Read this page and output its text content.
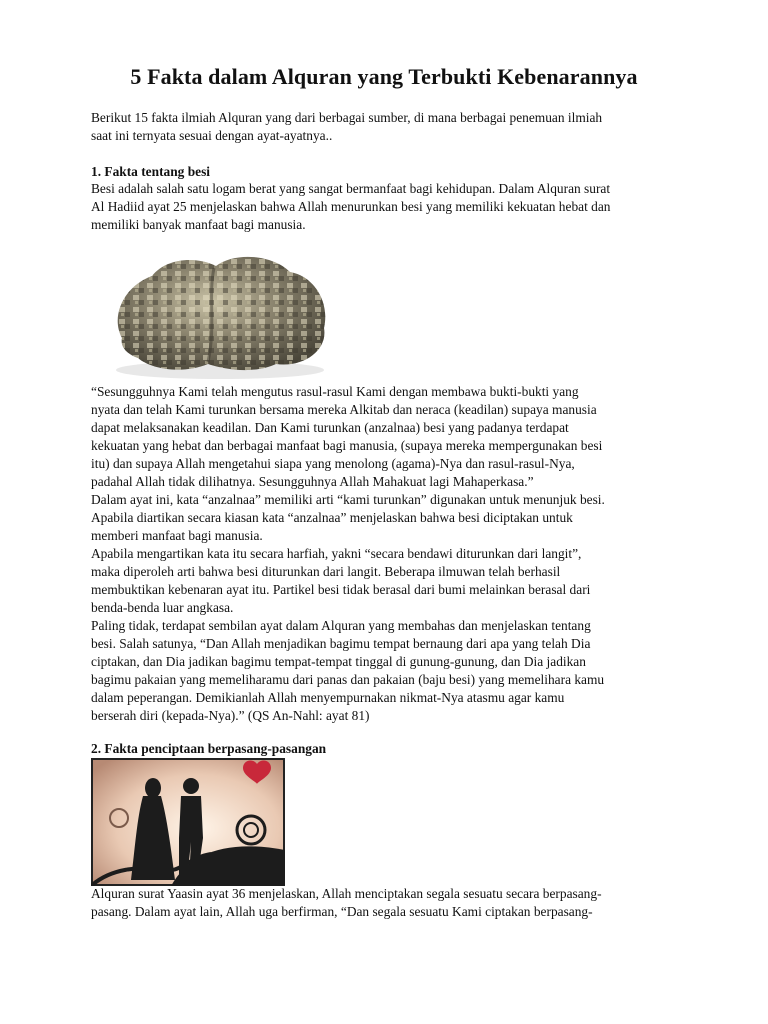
5 Fakta dalam Alquran yang Terbukti Kebenarannya
Berikut 15 fakta ilmiah Alquran yang dari berbagai sumber, di mana berbagai penemuan ilmiah
saat ini ternyata sesuai dengan ayat-ayatnya..
1. Fakta tentang besi
Besi adalah salah satu logam berat yang sangat bermanfaat bagi kehidupan. Dalam Alquran surat
Al Hadiid ayat 25 menjelaskan bahwa Allah menurunkan besi yang memiliki kekuatan hebat dan
memiliki banyak manfaat bagi manusia.
“Sesungguhnya Kami telah mengutus rasul-rasul Kami dengan membawa bukti-bukti yang
nyata dan telah Kami turunkan bersama mereka Alkitab dan neraca (keadilan) supaya manusia
dapat melaksanakan keadilan. Dan Kami turunkan (anzalnaa) besi yang padanya terdapat
kekuatan yang hebat dan berbagai manfaat bagi manusia, (supaya mereka mempergunakan besi
itu) dan supaya Allah mengetahui siapa yang menolong (agama)-Nya dan rasul-rasul-Nya,
padahal Allah tidak dilihatnya. Sesungguhnya Allah Mahakuat lagi Mahaperkasa.”
Dalam ayat ini, kata “anzalnaa” memiliki arti “kami turunkan” digunakan untuk menunjuk besi.
Apabila diartikan secara kiasan kata “anzalnaa” menjelaskan bahwa besi diciptakan untuk
memberi manfaat bagi manusia.
Apabila mengartikan kata itu secara harfiah, yakni “secara bendawi diturunkan dari langit”,
maka diperoleh arti bahwa besi diturunkan dari langit. Beberapa ilmuwan telah berhasil
membuktikan kebenaran ayat itu. Partikel besi tidak berasal dari bumi melainkan berasal dari
benda-benda luar angkasa.
Paling tidak, terdapat sembilan ayat dalam Alquran yang membahas dan menjelaskan tentang
besi. Salah satunya, “Dan Allah menjadikan bagimu tempat bernaung dari apa yang telah Dia
ciptakan, dan Dia jadikan bagimu tempat-tempat tinggal di gunung-gunung, dan Dia jadikan
bagimu pakaian yang memeliharamu dari panas dan pakaian (baju besi) yang memelihara kamu
dalam peperangan. Demikianlah Allah menyempurnakan nikmat-Nya atasmu agar kamu
berserah diri (kepada-Nya).” (QS An-Nahl: ayat 81)
2. Fakta penciptaan berpasang-pasangan
Alquran surat Yaasin ayat 36 menjelaskan, Allah menciptakan segala sesuatu secara berpasang-
pasang. Dalam ayat lain, Allah uga berfirman, “Dan segala sesuatu Kami ciptakan berpasang-
